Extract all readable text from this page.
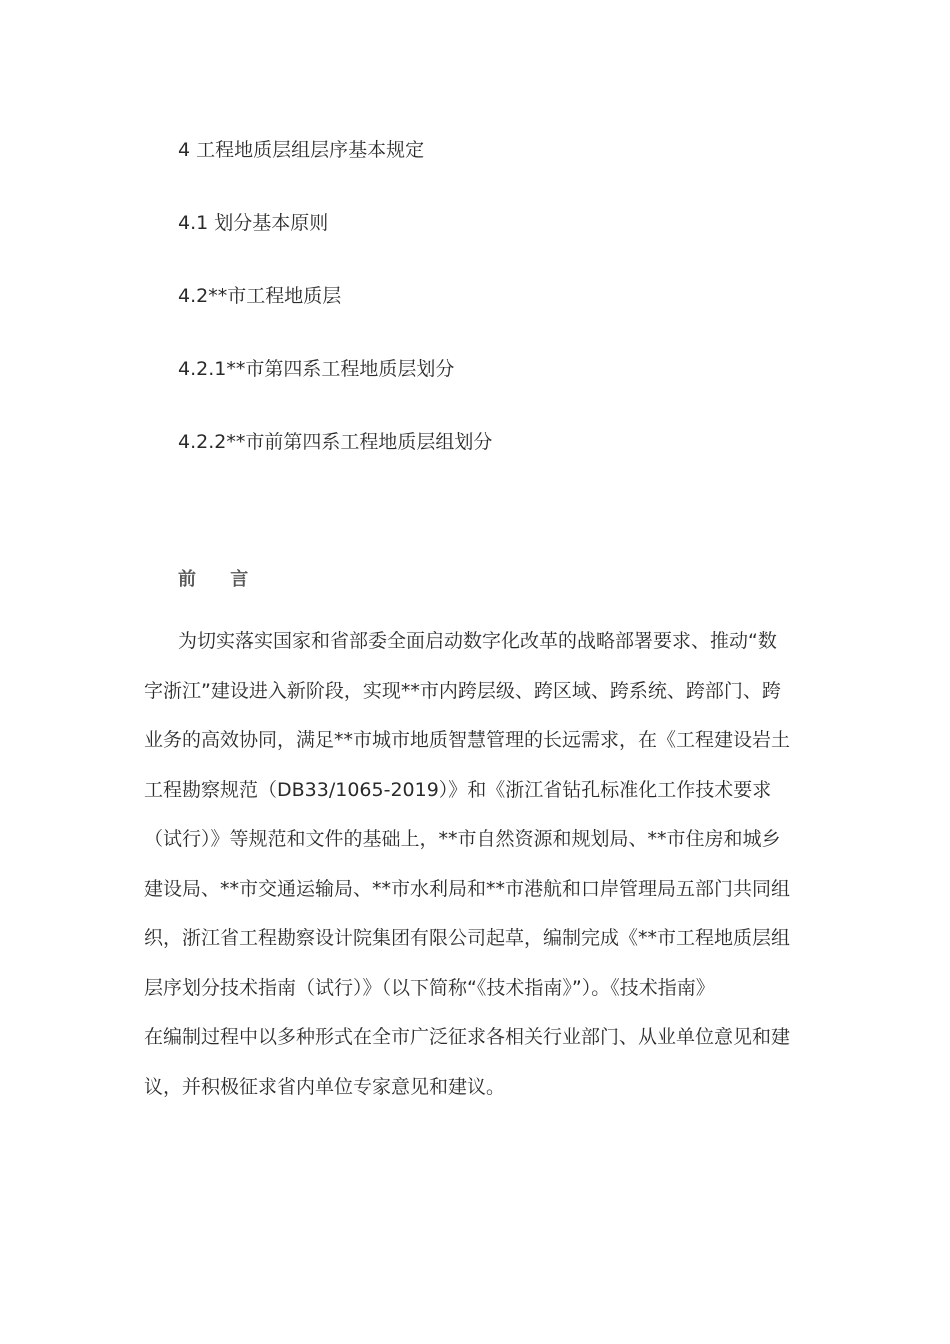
4 工程地质层组层序基本规定
4.1 划分基本原则
4.2**市工程地质层
4.2.1**市第四系工程地质层划分
4.2.2**市前第四系工程地质层组划分
前 言
为切实落实国家和省部委全面启动数字化改革的战略部署要求、推动“数
字浙江”建设进入新阶段，实现**市内跨层级、跨区域、跨系统、跨部门、跨
业务的高效协同，满足**市城市地质智慧管理的长远需求，在《工程建设岩土
工程勘察规范（DB33/1065-2019）》和《浙江省钻孔标准化工作技术要求
（试行）》等规范和文件的基础上，**市自然资源和规划局、**市住房和城乡
建设局、**市交通运输局、**市水利局和**市港航和口岸管理局五部门共同组
织，浙江省工程勘察设计院集团有限公司起草，编制完成《**市工程地质层组
层序划分技术指南（试行）》（以下简称“《技术指南》”）。《技术指南》
在编制过程中以多种形式在全市广泛征求各相关行业部门、从业单位意见和建
议，并积极征求省内单位专家意见和建议。
